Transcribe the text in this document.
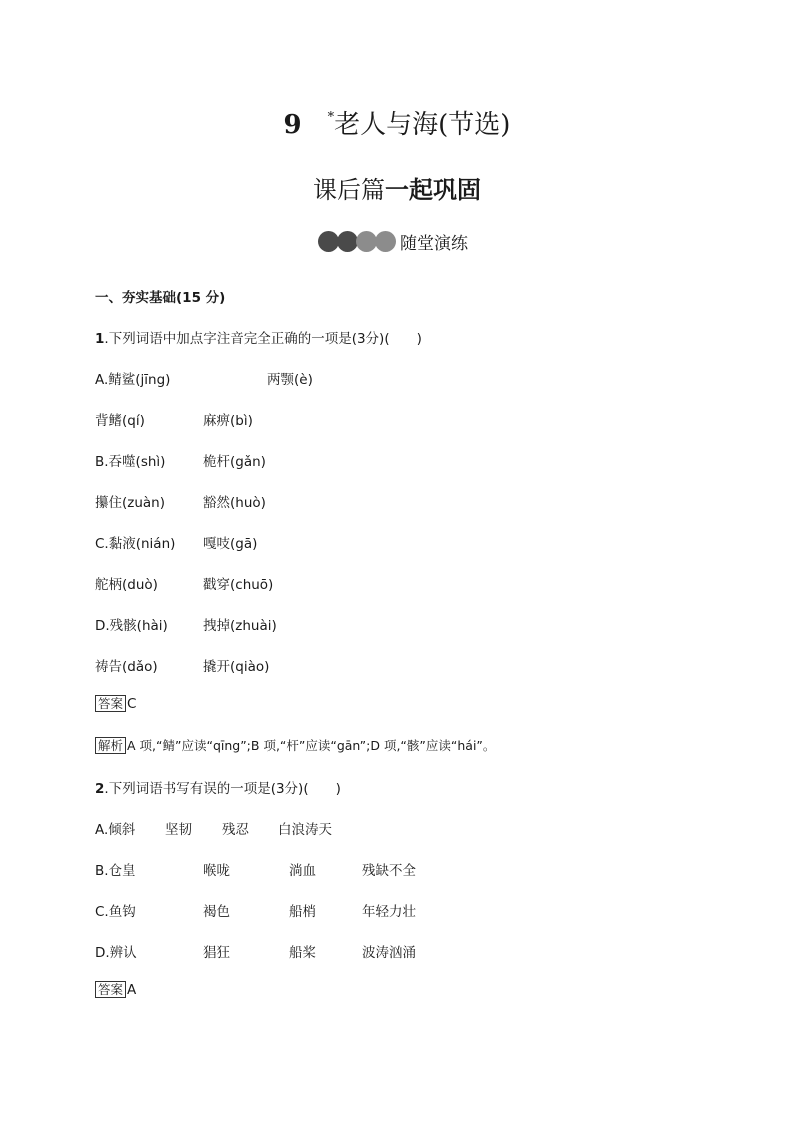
9 *老人与海(节选)
课后篇一起巩固
随堂演练
一、夯实基础(15 分)
1.下列词语中加点字注音完全正确的一项是(3分)(　　)
A.鲭鲨(jīng)	两颚(è)
背鳍(qí)	麻痹(bì)
B.吞噬(shì)	桅杆(gǎn)
攥住(zuàn)	豁然(huò)
C.黏液(nián) 嘎吱(gā)
舵柄(duò)	戳穿(chuō)
D.残骸(hài)	拽掉(zhuài)
祷告(dǎo)	撬开(qiào)
答案 C
解析 A 项,“鲭”应读“qīng”;B 项,“杆”应读“gān”;D 项,“骸”应读“hái”。
2.下列词语书写有误的一项是(3分)(　　)
A.倾斜 坚韧 残忍 白浪涛天
B.仓皇	喉咙	淌血	残缺不全
C.鱼钩	褐色	船梢	年轻力壮
D.辨认	猖狂	船桨	波涛汹涌
答案 A
